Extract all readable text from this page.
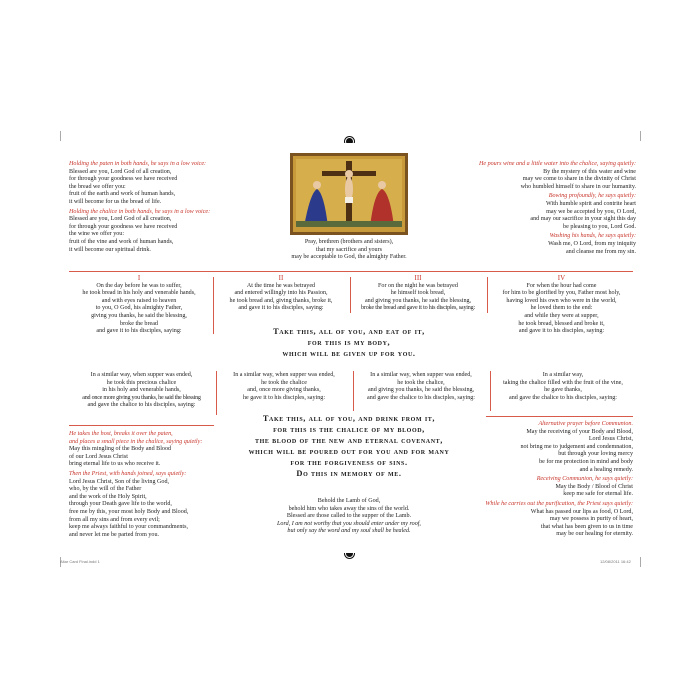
Holding the paten in both hands, he says in a low voice:
Blessed are you, Lord God of all creation,
for through your goodness we have received
the bread we offer you:
fruit of the earth and work of human hands,
it will become for us the bread of life.
Holding the chalice in both hands, he says in a low voice:
Blessed are you, Lord God of all creation,
for through your goodness we have received
the wine we offer you:
fruit of the vine and work of human hands,
it will become our spiritual drink.
Pray, brethren (brothers and sisters),
that my sacrifice and yours
may be acceptable to God, the almighty Father.
He pours wine and a little water into the chalice, saying quietly:
By the mystery of this water and wine
may we come to share in the divinity of Christ
who humbled himself to share in our humanity.
Bowing profoundly, he says quietly:
With humble spirit and contrite heart
may we be accepted by you, O Lord,
and may our sacrifice in your sight this day
be pleasing to you, Lord God.
Washing his hands, he says quietly:
Wash me, O Lord, from my iniquity
and cleanse me from my sin.
I
On the day before he was to suffer,
he took bread in his holy and venerable hands,
and with eyes raised to heaven
to you, O God, his almighty Father,
giving you thanks, he said the blessing,
broke the bread
and gave it to his disciples, saying:
II
At the time he was betrayed
and entered willingly into his Passion,
he took bread and, giving thanks, broke it,
and gave it to his disciples, saying:
III
For on the night he was betrayed
he himself took bread,
and giving you thanks, he said the blessing,
broke the bread and gave it to his disciples, saying:
IV
For when the hour had come
for him to be glorified by you, Father most holy,
having loved his own who were in the world,
he loved them to the end:
and while they were at supper,
he took bread, blessed and broke it,
and gave it to his disciples, saying:
Take this, all of you, and eat of it,
for this is my body,
which will be given up for you.
In a similar way, when supper was ended,
he took this precious chalice
in his holy and venerable hands,
and once more giving you thanks, he said the blessing
and gave the chalice to his disciples, saying:
In a similar way, when supper was ended,
he took the chalice
and, once more giving thanks,
he gave it to his disciples, saying:
In a similar way, when supper was ended,
he took the chalice,
and giving you thanks, he said the blessing,
and gave the chalice to his disciples, saying:
In a similar way,
taking the chalice filled with the fruit of the vine,
he gave thanks,
and gave the chalice to his disciples, saying:
Take this, all of you, and drink from it,
for this is the chalice of my blood,
the blood of the new and eternal covenant,
which will be poured out for you and for many
for the forgiveness of sins.
Do this in memory of me.
He takes the host, breaks it over the paten,
and places a small piece in the chalice, saying quietly:
May this mingling of the Body and Blood
of our Lord Jesus Christ
bring eternal life to us who receive it.
Then the Priest, with hands joined, says quietly:
Lord Jesus Christ, Son of the living God,
who, by the will of the Father
and the work of the Holy Spirit,
through your Death gave life to the world,
free me by this, your most holy Body and Blood,
from all my sins and from every evil;
keep me always faithful to your commandments,
and never let me be parted from you.
Behold the Lamb of God,
behold him who takes away the sins of the world.
Blessed are those called to the supper of the Lamb.
Lord, I am not worthy that you should enter under my roof,
but only say the word and my soul shall be healed.
Alternative prayer before Communion.
May the receiving of your Body and Blood,
Lord Jesus Christ,
not bring me to judgement and condemnation,
but through your loving mercy
be for me protection in mind and body
and a healing remedy.
Receiving Communion, he says quietly:
May the Body / Blood of Christ
keep me safe for eternal life.
While he carries out the purification, the Priest says quietly:
What has passed our lips as food, O Lord,
may we possess in purity of heart,
that what has been given to us in time
may be our healing for eternity.
Altar Card Final.indd 1	12/08/2011 16:42
